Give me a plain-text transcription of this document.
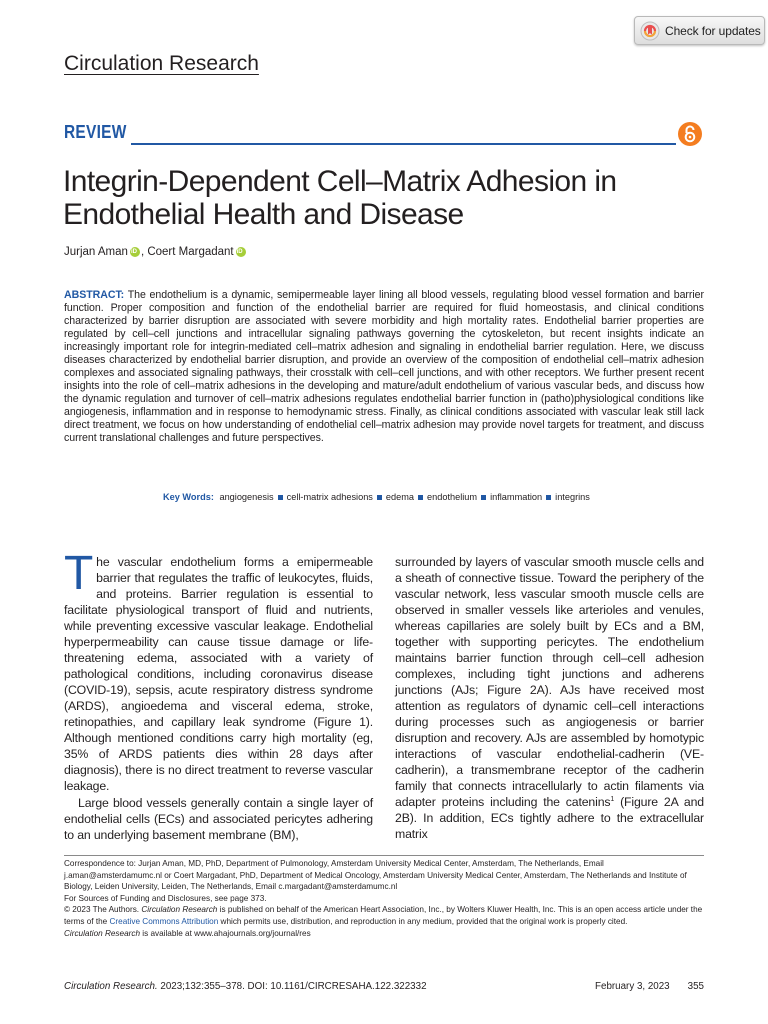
Check for updates
Circulation Research
REVIEW
Integrin-Dependent Cell–Matrix Adhesion in
Endothelial Health and Disease
Jurjan Aman
iD , Coert Margadant
iD
ABSTRACT: The endothelium is a dynamic, semipermeable layer lining all blood vessels, regulating blood vessel formation and barrier function. Proper composition and function of the endothelial barrier are required for fluid homeostasis, and clinical conditions characterized by barrier disruption are associated with severe morbidity and high mortality rates. Endothelial barrier properties are regulated by cell–cell junctions and intracellular signaling pathways governing the cytoskeleton, but recent insights indicate an increasingly important role for integrin-mediated cell–matrix adhesion and signaling in endothelial barrier regulation. Here, we discuss diseases characterized by endothelial barrier disruption, and provide an overview of the composition of endothelial cell–matrix adhesion complexes and associated signaling pathways, their crosstalk with cell–cell junctions, and with other receptors. We further present recent insights into the role of cell–matrix adhesions in the developing and mature/adult endothelium of various vascular beds, and discuss how the dynamic regulation and turnover of cell–matrix adhesions regulates endothelial barrier function in (patho)physiological conditions like angiogenesis, inflammation and in response to hemodynamic stress. Finally, as clinical conditions associated with vascular leak still lack direct treatment, we focus on how understanding of endothelial cell–matrix adhesion may provide novel targets for treatment, and discuss current translational challenges and future perspectives.
Key Words: angiogenesis cell-matrix adhesions edema endothelium inflammation integrins

The vascular endothelium forms a emipermeable barrier that regulates the traffic of leukocytes, fluids, and proteins. Barrier regulation is essential to facilitate physiological transport of fluid and nutrients, while preventing excessive vascular leakage. Endothelial hyperpermeability can cause tissue damage or life-threatening edema, associated with a variety of pathological conditions, including coronavirus disease (COVID-19), sepsis, acute respiratory distress syndrome (ARDS), angioedema and visceral edema, stroke, retinopathies, and capillary leak syndrome (Figure 1). Although mentioned conditions carry high mortality (eg, 35% of ARDS patients dies within 28 days after diagnosis), there is no direct treatment to reverse vascular leakage.

Large blood vessels generally contain a single layer of endothelial cells (ECs) and associated pericytes adhering to an underlying basement membrane (BM),

surrounded by layers of vascular smooth muscle cells and a sheath of connective tissue. Toward the periphery of the vascular network, less vascular smooth muscle cells are observed in smaller vessels like arterioles and venules, whereas capillaries are solely built by ECs and a BM, together with supporting pericytes. The endothelium maintains barrier function through cell–cell adhesion complexes, including tight junctions and adherens junctions (AJs; Figure 2A). AJs have received most attention as regulators of dynamic cell–cell interactions during processes such as angiogenesis or barrier disruption and recovery. AJs are assembled by homotypic interactions of vascular endothelial-cadherin (VE-cadherin), a transmembrane receptor of the cadherin family that connects intracellularly to actin filaments via adapter proteins including the catenins$^1$ (Figure 2A and 2B). In addition, ECs tightly adhere to the extracellular matrix

Correspondence to: Jurjan Aman, MD, PhD, Department of Pulmonology, Amsterdam University Medical Center, Amsterdam, The Netherlands, Email j.aman@amsterdamumc.nl or Coert Margadant, PhD, Department of Medical Oncology, Amsterdam University Medical Center, Amsterdam, The Netherlands and Institute of Biology, Leiden University, Leiden, The Netherlands, Email c.margadant@amsterdamumc.nl

For Sources of Funding and Disclosures, see page 373.

© 2023 The Authors. Circulation Research is published on behalf of the American Heart Association, Inc., by Wolters Kluwer Health, Inc. This is an open access article under the terms of the Creative Commons Attribution which permits use, distribution, and reproduction in any medium, provided that the original work is properly cited.

Circulation Research is available at www.ahajournals.org/journal/res

Circulation Research. 2023;132:355–378. DOI: 10.1161/CIRCRESAHA.122.322332	February 3, 2023 355
